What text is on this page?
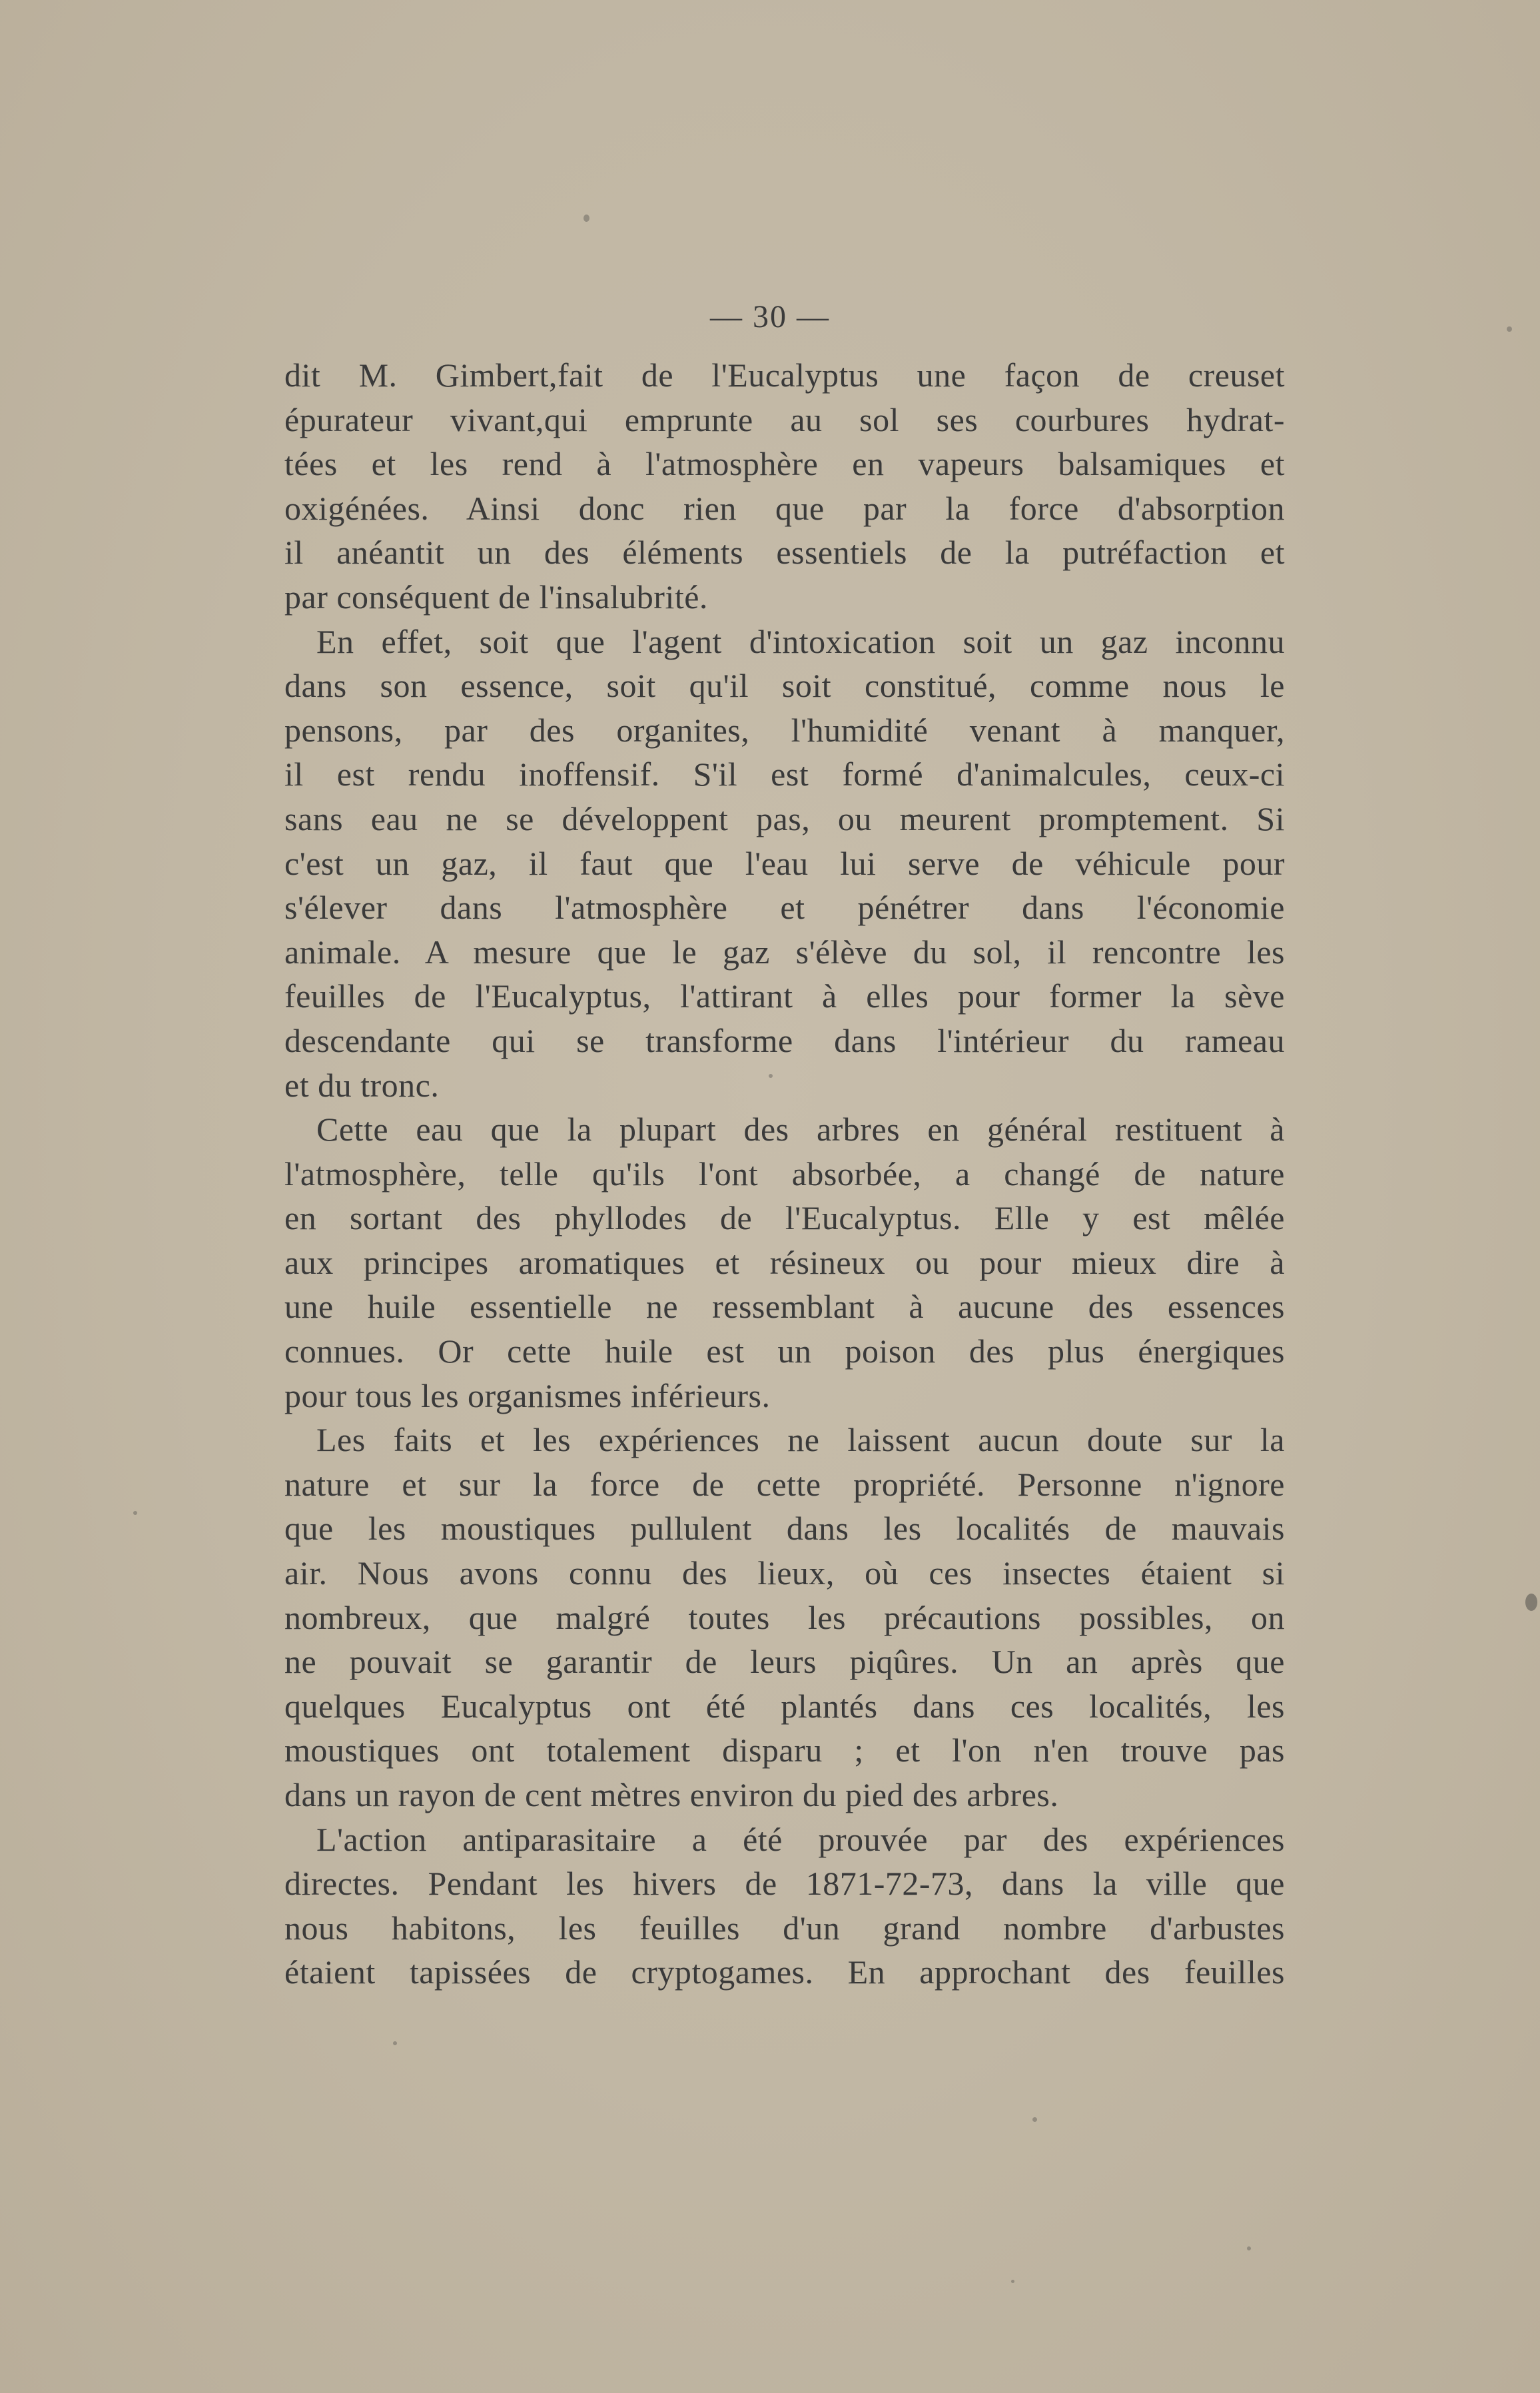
— 30 —
dit M. Gimbert,fait de l'Eucalyptus une façon de creuset
épurateur vivant,qui emprunte au sol ses courbures hydrat-
tées et les rend à l'atmosphère en vapeurs balsamiques et
oxigénées. Ainsi donc rien que par la force d'absorption
il anéantit un des éléments essentiels de la putréfaction et
par conséquent de l'insalubrité.
En effet, soit que l'agent d'intoxication soit un gaz inconnu
dans son essence, soit qu'il soit constitué, comme nous le
pensons, par des organites, l'humidité venant à manquer,
il est rendu inoffensif. S'il est formé d'animalcules, ceux-ci
sans eau ne se développent pas, ou meurent promptement. Si
c'est un gaz, il faut que l'eau lui serve de véhicule pour
s'élever dans l'atmosphère et pénétrer dans l'économie
animale. A mesure que le gaz s'élève du sol, il rencontre les
feuilles de l'Eucalyptus, l'attirant à elles pour former la sève
descendante qui se transforme dans l'intérieur du rameau
et du tronc.
Cette eau que la plupart des arbres en général restituent à
l'atmosphère, telle qu'ils l'ont absorbée, a changé de nature
en sortant des phyllodes de l'Eucalyptus. Elle y est mêlée
aux principes aromatiques et résineux ou pour mieux dire à
une huile essentielle ne ressemblant à aucune des essences
connues. Or cette huile est un poison des plus énergiques
pour tous les organismes inférieurs.
Les faits et les expériences ne laissent aucun doute sur la
nature et sur la force de cette propriété. Personne n'ignore
que les moustiques pullulent dans les localités de mauvais
air. Nous avons connu des lieux, où ces insectes étaient si
nombreux, que malgré toutes les précautions possibles, on
ne pouvait se garantir de leurs piqûres. Un an après que
quelques Eucalyptus ont été plantés dans ces localités, les
moustiques ont totalement disparu ; et l'on n'en trouve pas
dans un rayon de cent mètres environ du pied des arbres.
L'action antiparasitaire a été prouvée par des expériences
directes. Pendant les hivers de 1871-72-73, dans la ville que
nous habitons, les feuilles d'un grand nombre d'arbustes
étaient tapissées de cryptogames. En approchant des feuilles
